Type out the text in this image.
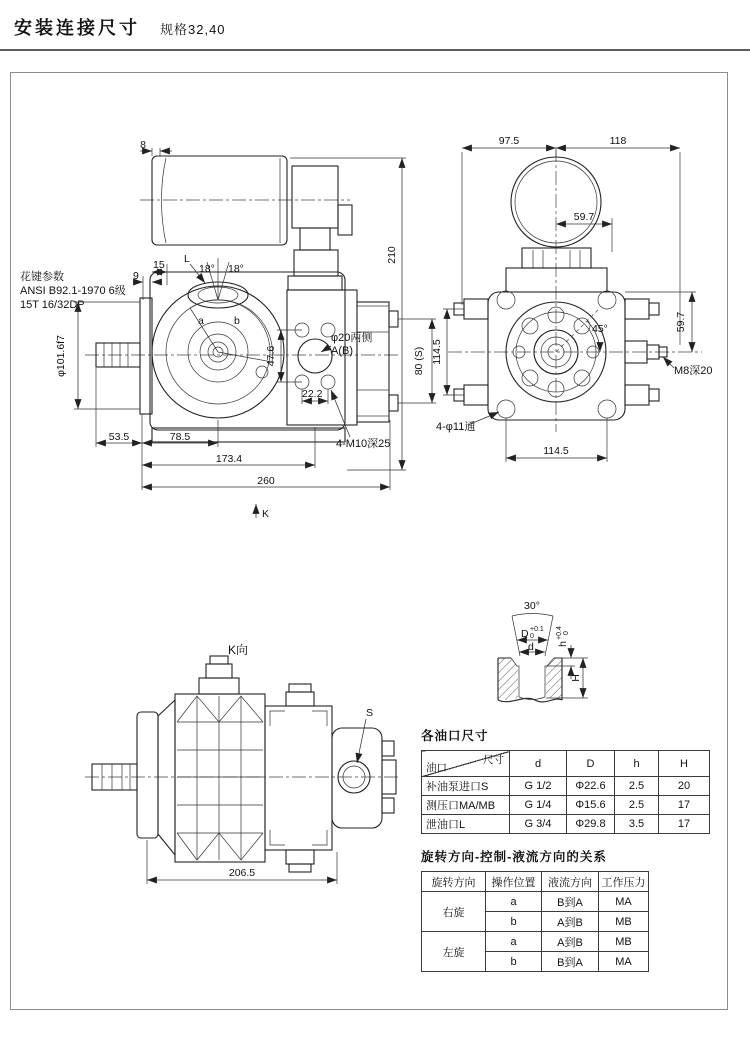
安装连接尺寸 规格32,40
L
18° 18°
a	b
8
210
15
9
花键参数
ANSI B92.1-1970 6级
15T 16/32DP
φ101.6f7	47.6
φ20两侧
A(B)
22.2
80 (S)
4-M10深25
53.5	78.5
173.4
260
K
45°
97.5	118
59.7
114.5
59.7
M8深20
4-φ11通
114.5
30°
D +0.1
0
d h
+0.4 0
H
K向
S
206.5
各油口尺寸
尺寸
油口	d	D	h	H
补油泵进口S	G 1/2	Φ22.6	2.5	20
测压口MA/MB	G 1/4	Φ15.6	2.5	17
泄油口L	G 3/4	Φ29.8	3.5	17
旋转方向-控制-液流方向的关系
旋转方向	操作位置	液流方向	工作压力
右旋	a	B到A	MA
	b	A到B	MB
左旋	a	A到B	MB
	b	B到A	MA
